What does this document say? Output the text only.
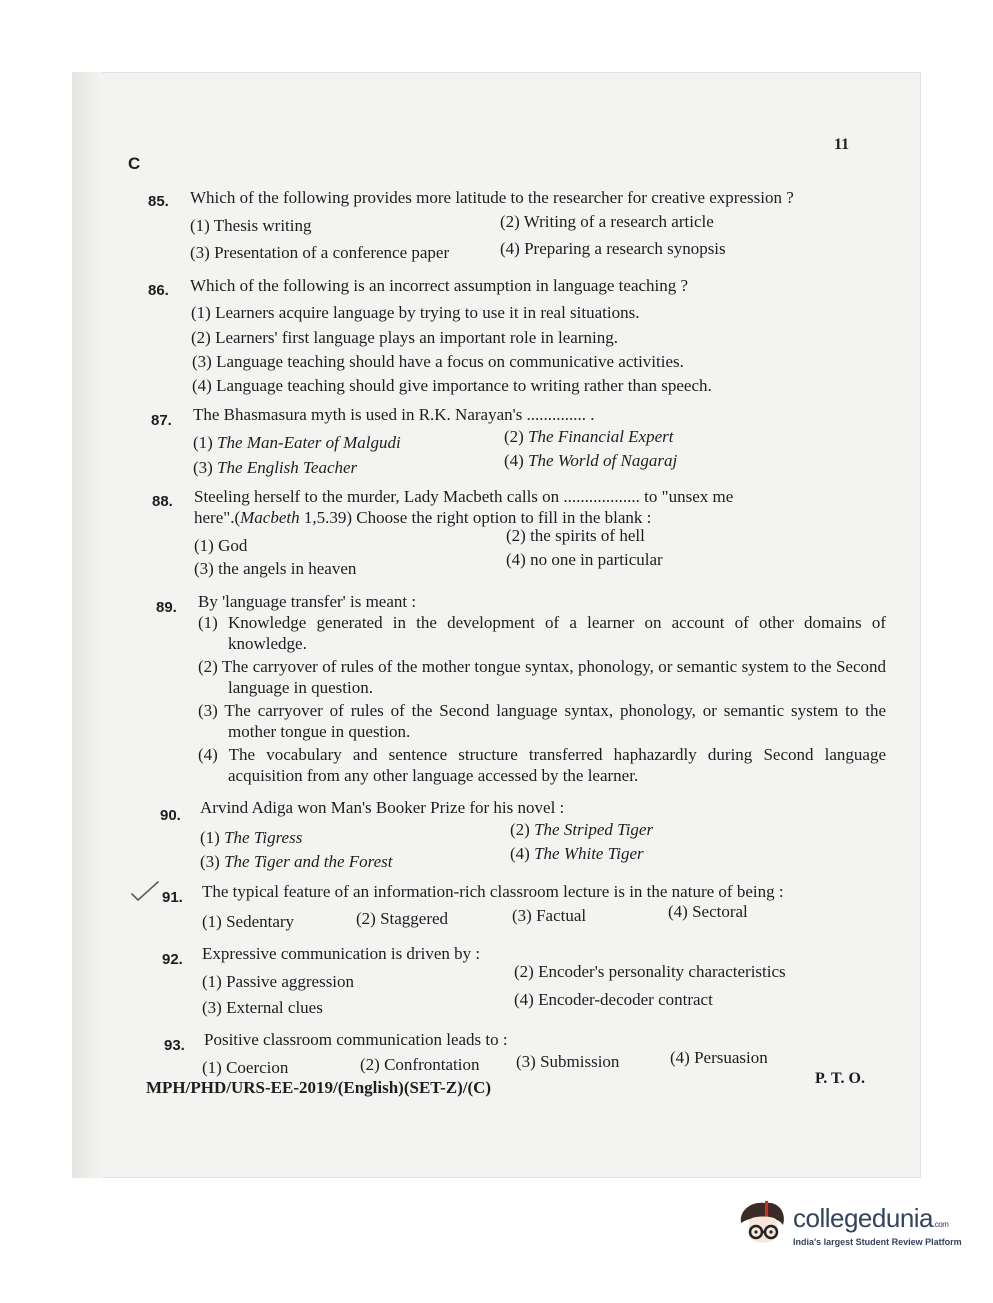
C
11
85. Which of the following provides more latitude to the researcher for creative expression ?
(1) Thesis writing	(2) Writing of a research article
(3) Presentation of a conference paper	(4) Preparing a research synopsis
86. Which of the following is an incorrect assumption in language teaching ?
(1) Learners acquire language by trying to use it in real situations.
(2) Learners' first language plays an important role in learning.
(3) Language teaching should have a focus on communicative activities.
(4) Language teaching should give importance to writing rather than speech.
87. The Bhasmasura myth is used in R.K. Narayan's .............. .
(1) The Man-Eater of Malgudi	(2) The Financial Expert
(3) The English Teacher	(4) The World of Nagaraj
88. Steeling herself to the murder, Lady Macbeth calls on .................. to "unsex me
here".(Macbeth 1,5.39) Choose the right option to fill in the blank :
(1) God
(2) the spirits of hell
(3) the angels in heaven	(4) no one in particular
89. By 'language transfer' is meant :
(1) Knowledge generated in the development of a learner on account of other domains of knowledge.
(2) The carryover of rules of the mother tongue syntax, phonology, or semantic system to the Second language in question.
(3) The carryover of rules of the Second language syntax, phonology, or semantic system to the mother tongue in question.
(4) The vocabulary and sentence structure transferred haphazardly during Second language acquisition from any other language accessed by the learner.
90. Arvind Adiga won Man's Booker Prize for his novel :
(1) The Tigress	(2) The Striped Tiger
(3) The Tiger and the Forest	(4) The White Tiger
91. The typical feature of an information-rich classroom lecture is in the nature of being :
(1) Sedentary	(2) Staggered	(3) Factual	(4) Sectoral
92. Expressive communication is driven by :
(1) Passive aggression
(2) Encoder's personality characteristics
(3) External clues	(4) Encoder-decoder contract
93. Positive classroom communication leads to :
(1) Coercion	(2) Confrontation (3) Submission	(4) Persuasion
MPH/PHD/URS-EE-2019/(English)(SET-Z)/(C)	P. T. O.
collegedunia.com
India's largest Student Review Platform
